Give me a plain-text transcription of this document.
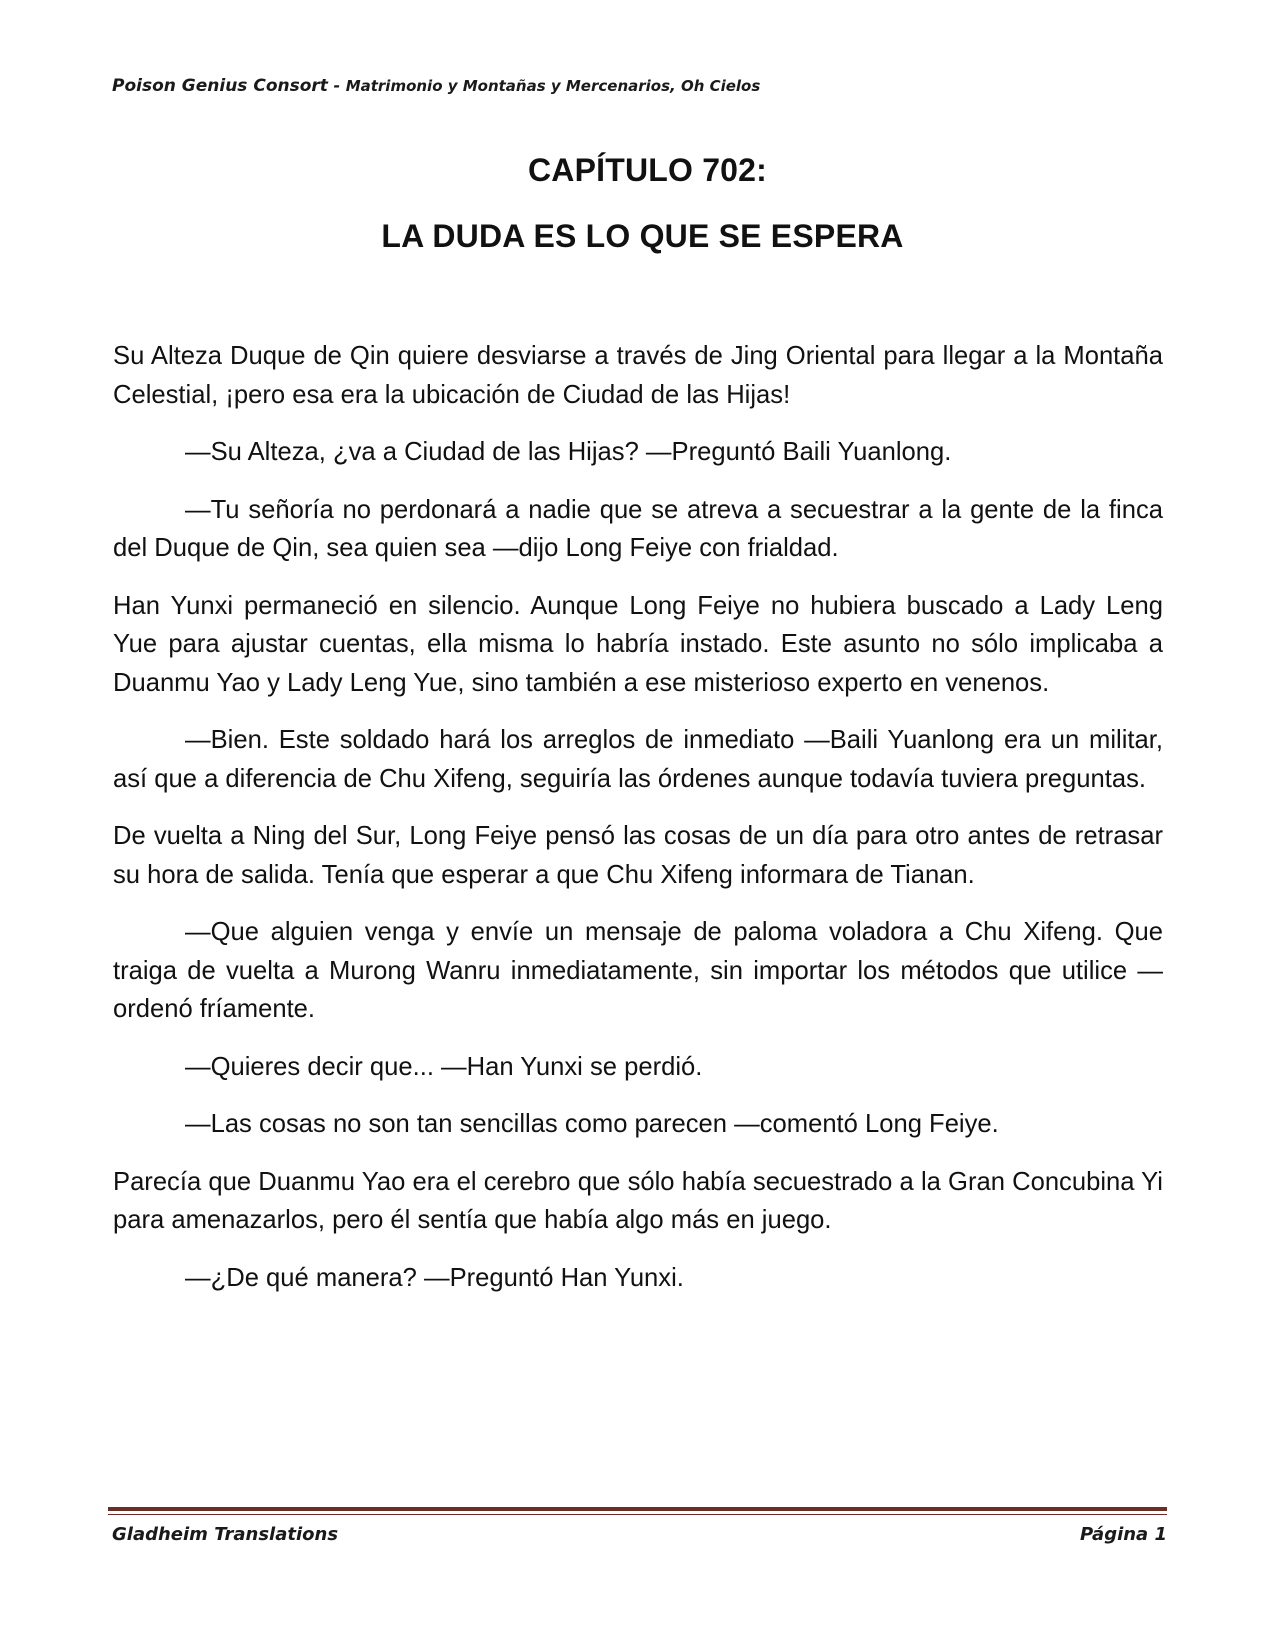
Poison Genius Consort - Matrimonio y Montañas y Mercenarios, Oh Cielos
CAPÍTULO 702:
LA DUDA ES LO QUE SE ESPERA

Su Alteza Duque de Qin quiere desviarse a través de Jing Oriental para llegar a la Montaña Celestial, ¡pero esa era la ubicación de Ciudad de las Hijas!

—Su Alteza, ¿va a Ciudad de las Hijas? —Preguntó Baili Yuanlong.

—Tu señoría no perdonará a nadie que se atreva a secuestrar a la gente de la finca del Duque de Qin, sea quien sea —dijo Long Feiye con frialdad.

Han Yunxi permaneció en silencio. Aunque Long Feiye no hubiera buscado a Lady Leng Yue para ajustar cuentas, ella misma lo habría instado. Este asunto no sólo implicaba a Duanmu Yao y Lady Leng Yue, sino también a ese misterioso experto en venenos.

—Bien. Este soldado hará los arreglos de inmediato —Baili Yuanlong era un militar, así que a diferencia de Chu Xifeng, seguiría las órdenes aunque todavía tuviera preguntas.

De vuelta a Ning del Sur, Long Feiye pensó las cosas de un día para otro antes de retrasar su hora de salida. Tenía que esperar a que Chu Xifeng informara de Tianan.

—Que alguien venga y envíe un mensaje de paloma voladora a Chu Xifeng. Que traiga de vuelta a Murong Wanru inmediatamente, sin importar los métodos que utilice —ordenó fríamente.

—Quieres decir que... —Han Yunxi se perdió.

—Las cosas no son tan sencillas como parecen —comentó Long Feiye.

Parecía que Duanmu Yao era el cerebro que sólo había secuestrado a la Gran Concubina Yi para amenazarlos, pero él sentía que había algo más en juego.

—¿De qué manera? —Preguntó Han Yunxi.

Gladheim Translations	Página 1
